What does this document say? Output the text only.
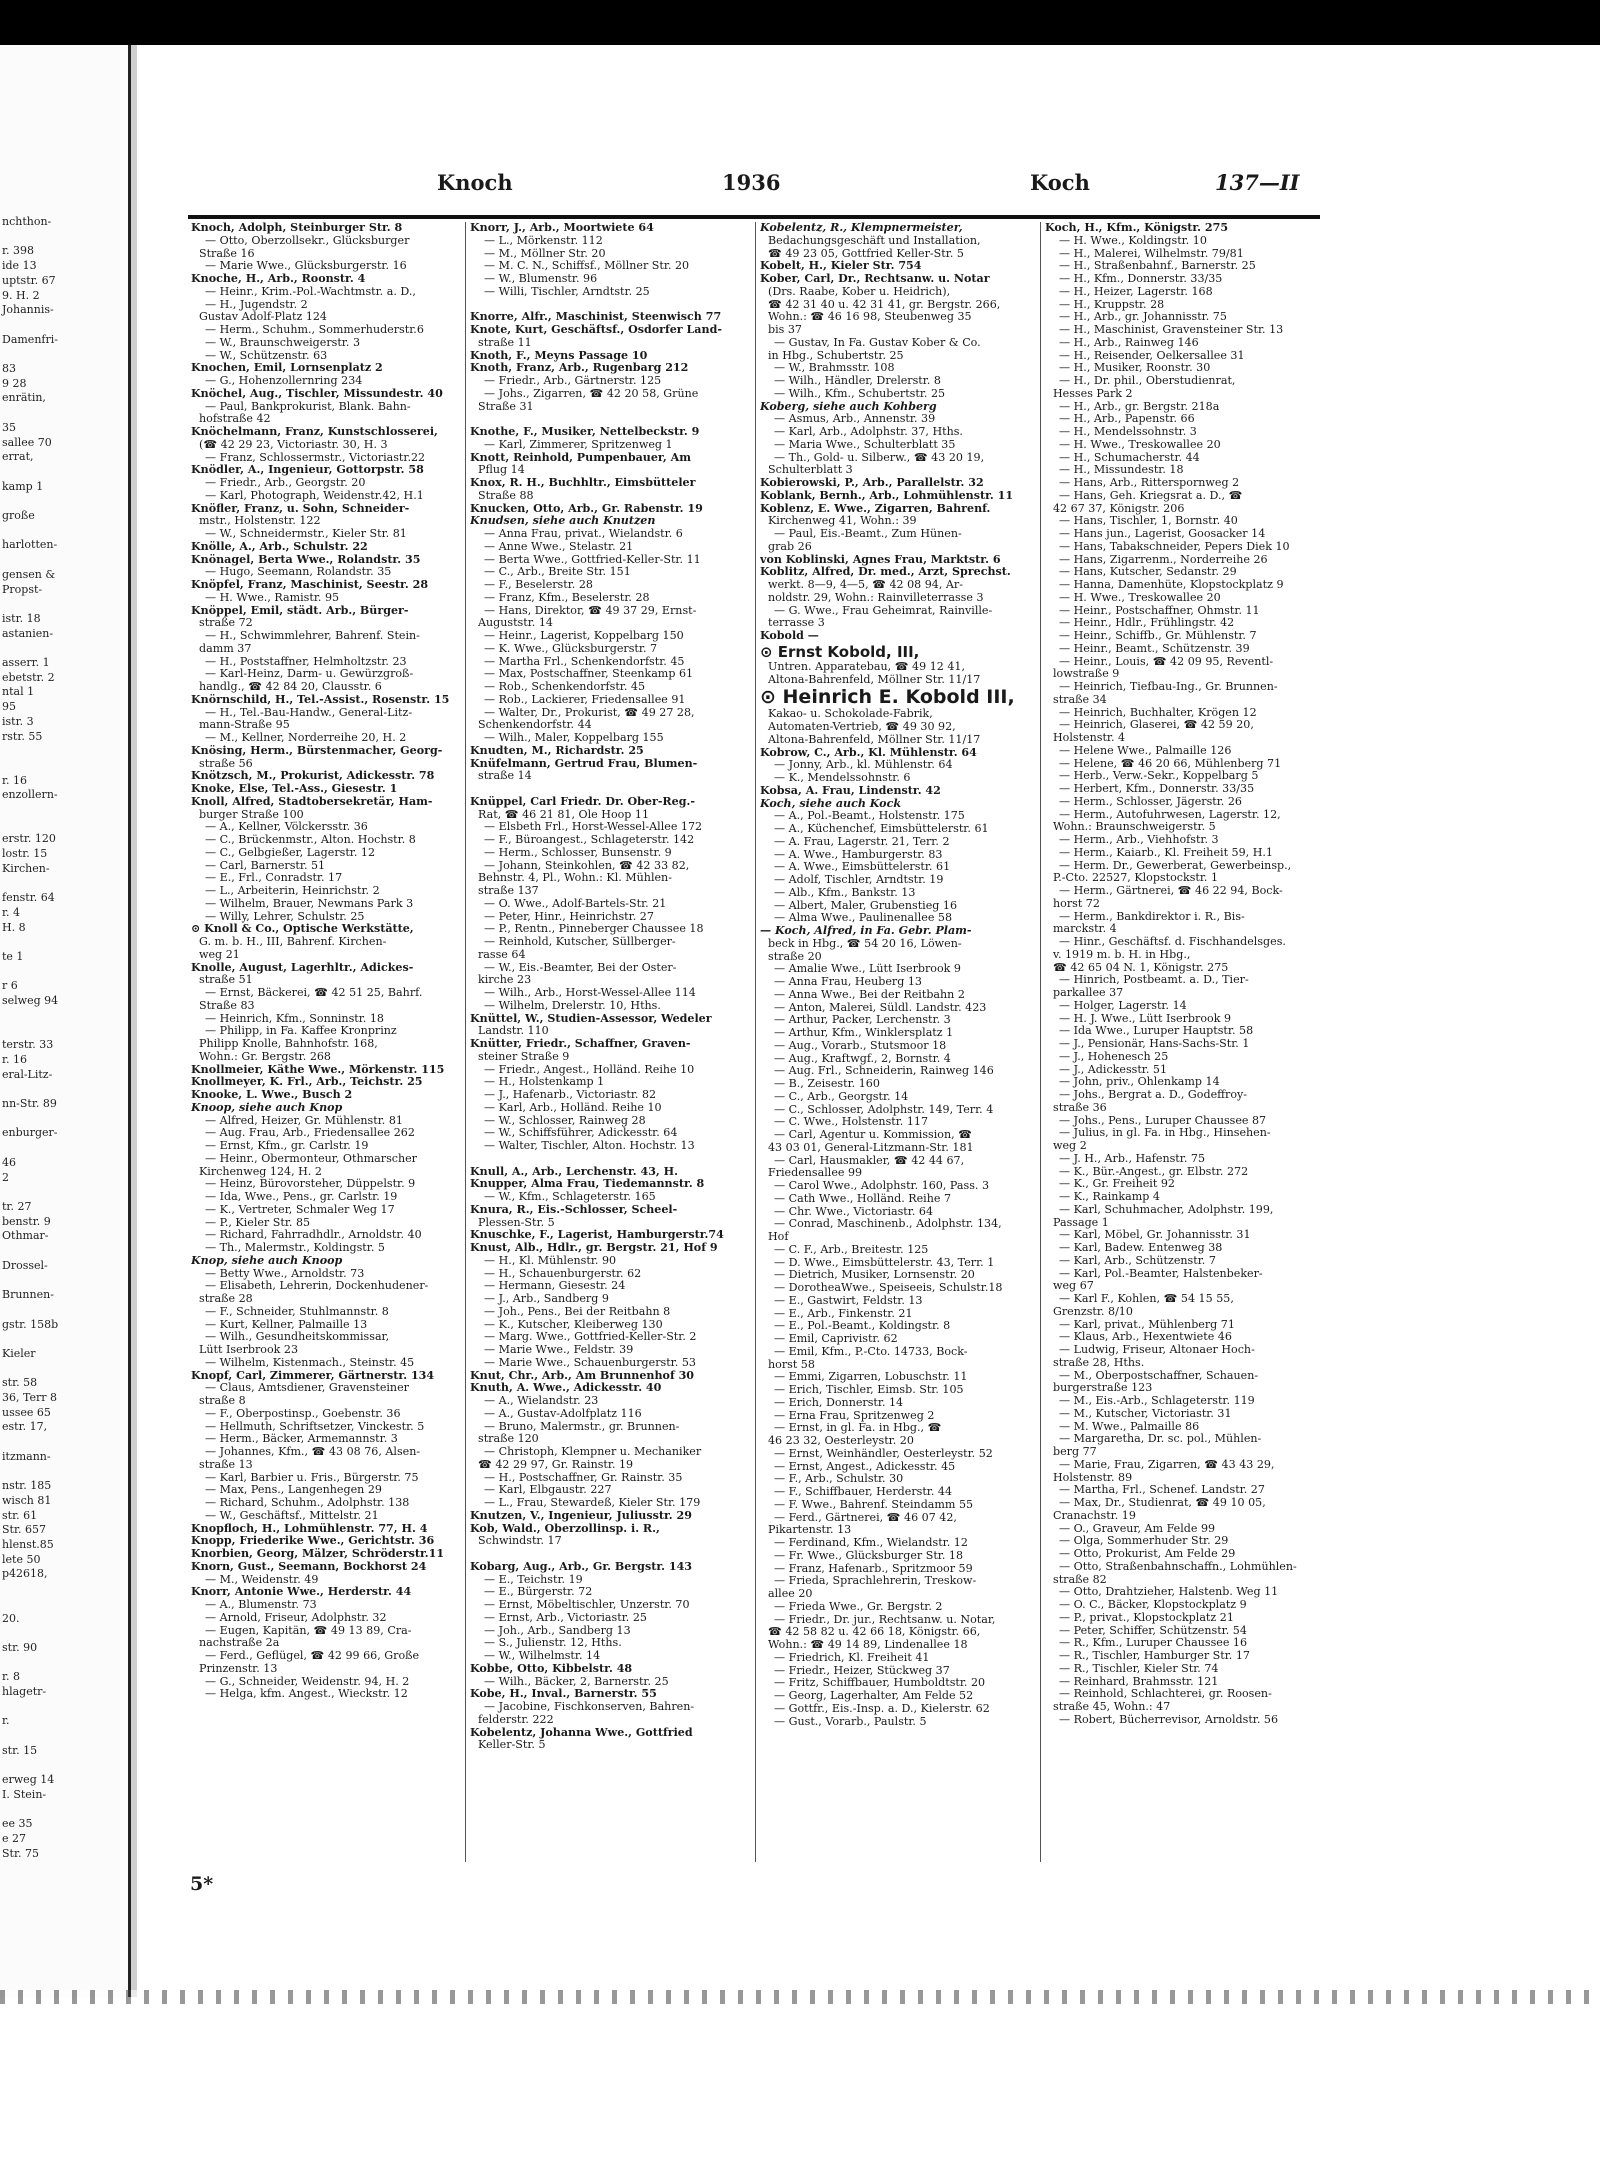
nchthon-
r. 398
ide 13
uptstr. 67
9. H. 2
Johannis-
Damenfri-
83
9 28
enrätin,
35
sallee 70
errat,
kamp 1
großе
harlotten-
gensen &
Propst-
istr. 18
astanien-
asserr. 1
ebetstr. 2
ntal 1
95
istr. 3
rstr. 55
r. 16
enzollern-
erstr. 120
lostr. 15
Kirchen-
fenstr. 64
r. 4
H. 8
te 1
r 6
selweg 94
terstr. 33
r. 16
eral-Litz-
nn-Str. 89
enburger-
46
2
tr. 27
benstr. 9
Othmar-
Drossel-
Brunnen-
gstr. 158b
Kieler
str. 58
36, Terr 8
ussee 65
estr. 17,
itzmann-
nstr. 185
wisch 81
str. 61
Str. 657
hlenst.85
lete 50
p42618,
20.
str. 90
r. 8
hlagetr-
r.
str. 15
erweg 14
I. Stein-
ee 35
e 27
Str. 75
Knoch	1936	Koch	137—II
Knoch, Adolph, Steinburger Str. 8
— Otto, Oberzollsekr., Glücksburger
Straße 16
— Marie Wwe., Glücksburgerstr. 16
Knoche, H., Arb., Roonstr. 4
— Heinr., Krim.-Pol.-Wachtmstr. a. D.,
— H., Jugendstr. 2
Gustav Adolf-Platz 124
— Herm., Schuhm., Sommerhuderstr.6
— W., Braunschweigerstr. 3
— W., Schützenstr. 63
Knochen, Emil, Lornsenplatz 2
— G., Hohenzollernring 234
Knöchel, Aug., Tischler, Missundestr. 40
— Paul, Bankprokurist, Blank. Bahn-
hofstraße 42
Knöchelmann, Franz, Kunstschlosserei,
(☎ 42 29 23, Victoriastr. 30, H. 3
— Franz, Schlossermstr., Victoriastr.22
Knödler, A., Ingenieur, Gottorpstr. 58
— Friedr., Arb., Georgstr. 20
— Karl, Photograph, Weidenstr.42, H.1
Knöfler, Franz, u. Sohn, Schneider-
mstr., Holstenstr. 122
— W., Schneidermstr., Kieler Str. 81
Knölle, A., Arb., Schulstr. 22
Knönagel, Berta Wwe., Rolandstr. 35
— Hugo, Seemann, Rolandstr. 35
Knöpfel, Franz, Maschinist, Seestr. 28
— H. Wwe., Ramistr. 95
Knöppel, Emil, städt. Arb., Bürger-
straße 72
— H., Schwimmlehrer, Bahrenf. Stein-
damm 37
— H., Poststaffner, Helmholtzstr. 23
— Karl-Heinz, Darm- u. Gewürzgroß-
handlg., ☎ 42 84 20, Clausstr. 6
Knörnschild, H., Tel.-Assist., Rosenstr. 15
— H., Tel.-Bau-Handw., General-Litz-
mann-Straße 95
— M., Kellner, Norderreihe 20, H. 2
Knösing, Herm., Bürstenmacher, Georg-
straße 56
Knötzsch, M., Prokurist, Adickesstr. 78
Knoke, Else, Tel.-Ass., Giesestr. 1
Knoll, Alfred, Stadtobersekretär, Ham-
burger Straße 100
— A., Kellner, Völckersstr. 36
— C., Brückenmstr., Alton. Hochstr. 8
— C., Gelbgießer, Lagerstr. 12
— Carl, Barnerstr. 51
— E., Frl., Conradstr. 17
— L., Arbeiterin, Heinrichstr. 2
— Wilhelm, Brauer, Newmans Park 3
— Willy, Lehrer, Schulstr. 25
⊙ Knoll & Co., Optische Werkstätte,
G. m. b. H., III, Bahrenf. Kirchen-
weg 21
Knolle, August, Lagerhltr., Adickes-
straße 51
— Ernst, Bäckerei, ☎ 42 51 25, Bahrf.
Straße 83
— Heinrich, Kfm., Sonninstr. 18
— Philipp, in Fa. Kaffee Kronprinz
Philipp Knolle, Bahnhofstr. 168,
Wohn.: Gr. Bergstr. 268
Knollmeier, Käthe Wwe., Mörkenstr. 115
Knollmeyer, K. Frl., Arb., Teichstr. 25
Knooke, L. Wwe., Busch 2
Knoop, siehe auch Knop
— Alfred, Heizer, Gr. Mühlenstr. 81
— Aug. Frau, Arb., Friedensallee 262
— Ernst, Kfm., gr. Carlstr. 19
— Heinr., Obermonteur, Othmarscher
Kirchenweg 124, H. 2
— Heinz, Bürovorsteher, Düppelstr. 9
— Ida, Wwe., Pens., gr. Carlstr. 19
— K., Vertreter, Schmaler Weg 17
— P., Kieler Str. 85
— Richard, Fahrradhdlr., Arnoldstr. 40
— Th., Malermstr., Koldingstr. 5
Knop, siehe auch Knoop
— Betty Wwe., Arnoldstr. 73
— Elisabeth, Lehrerin, Dockenhudener-
straße 28
— F., Schneider, Stuhlmannstr. 8
— Kurt, Kellner, Palmaille 13
— Wilh., Gesundheitskommissar,
Lütt Iserbrook 23
— Wilhelm, Kistenmach., Steinstr. 45
Knopf, Carl, Zimmerer, Gärtnerstr. 134
— Claus, Amtsdiener, Gravensteiner
straße 8
— F., Oberpostinsp., Goebenstr. 36
— Hellmuth, Schriftsetzer, Vinckestr. 5
— Herm., Bäcker, Armemannstr. 3
— Johannes, Kfm., ☎ 43 08 76, Alsen-
straße 13
— Karl, Barbier u. Fris., Bürgerstr. 75
— Max, Pens., Langenhegen 29
— Richard, Schuhm., Adolphstr. 138
— W., Geschäftsf., Mittelstr. 21
Knopfloch, H., Lohmühlenstr. 77, H. 4
Knopp, Friederike Wwe., Gerichtstr. 36
Knorbien, Georg, Mälzer, Schröderstr.11
Knorn, Gust., Seemann, Bockhorst 24
— M., Weidenstr. 49
Knorr, Antonie Wwe., Herderstr. 44
— A., Blumenstr. 73
— Arnold, Friseur, Adolphstr. 32
— Eugen, Kapitän, ☎ 49 13 89, Cra-
nachstraße 2a
— Ferd., Geflügel, ☎ 42 99 66, Große
Prinzenstr. 13
— G., Schneider, Weidenstr. 94, H. 2
— Helga, kfm. Angest., Wieckstr. 12
Knorr, J., Arb., Moortwiete 64
— L., Mörkenstr. 112
— M., Möllner Str. 20
— M. C. N., Schiffsf., Möllner Str. 20
— W., Blumenstr. 96
— Willi, Tischler, Arndtstr. 25

Knorre, Alfr., Maschinist, Steenwisch 77
Knote, Kurt, Geschäftsf., Osdorfer Land-
straße 11
Knoth, F., Meyns Passage 10
Knoth, Franz, Arb., Rugenbarg 212
— Friedr., Arb., Gärtnerstr. 125
— Johs., Zigarren, ☎ 42 20 58, Grüne
Straße 31

Knothe, F., Musiker, Nettelbeckstr. 9
— Karl, Zimmerer, Spritzenweg 1
Knott, Reinhold, Pumpenbauer, Am
Pflug 14
Knox, R. H., Buchhltr., Eimsbütteler
Straße 88
Knucken, Otto, Arb., Gr. Rabenstr. 19
Knudsen, siehe auch Knutzen
— Anna Frau, privat., Wielandstr. 6
— Anne Wwe., Stelastr. 21
— Berta Wwe., Gottfried-Keller-Str. 11
— C., Arb., Breite Str. 151
— F., Beselerstr. 28
— Franz, Kfm., Beselerstr. 28
— Hans, Direktor, ☎ 49 37 29, Ernst-
Auguststr. 14
— Heinr., Lagerist, Koppelbarg 150
— K. Wwe., Glücksburgerstr. 7
— Martha Frl., Schenkendorfstr. 45
— Max, Postschaffner, Steenkamp 61
— Rob., Schenkendorfstr. 45
— Rob., Lackierer, Friedensallee 91
— Walter, Dr., Prokurist, ☎ 49 27 28,
Schenkendorfstr. 44
— Wilh., Maler, Koppelbarg 155
Knudten, M., Richardstr. 25
Knüfelmann, Gertrud Frau, Blumen-
straße 14

Knüppel, Carl Friedr. Dr. Ober-Reg.-
Rat, ☎ 46 21 81, Ole Hoop 11
— Elsbeth Frl., Horst-Wessel-Allee 172
— F., Büroangest., Schlageterstr. 142
— Herm., Schlosser, Bunsenstr. 9
— Johann, Steinkohlen, ☎ 42 33 82,
Behnstr. 4, Pl., Wohn.: Kl. Mühlen-
straße 137
— O. Wwe., Adolf-Bartels-Str. 21
— Peter, Hinr., Heinrichstr. 27
— P., Rentn., Pinneberger Chaussee 18
— Reinhold, Kutscher, Süllberger-
rasse 64
— W., Eis.-Beamter, Bei der Oster-
kirche 23
— Wilh., Arb., Horst-Wessel-Allee 114
— Wilhelm, Drelerstr. 10, Hths.
Knüttel, W., Studien-Assessor, Wedeler
Landstr. 110
Knütter, Friedr., Schaffner, Graven-
steiner Straße 9
— Friedr., Angest., Holländ. Reihe 10
— H., Holstenkamp 1
— J., Hafenarb., Victoriastr. 82
— Karl, Arb., Holländ. Reihe 10
— W., Schlosser, Rainweg 28
— W., Schiffsführer, Adickesstr. 64
— Walter, Tischler, Alton. Hochstr. 13

Knull, A., Arb., Lerchenstr. 43, H.
Knupper, Alma Frau, Tiedemannstr. 8
— W., Kfm., Schlageterstr. 165
Knura, R., Eis.-Schlosser, Scheel-
Plessen-Str. 5
Knuschke, F., Lagerist, Hamburgerstr.74
Knust, Alb., Hdlr., gr. Bergstr. 21, Hof 9
— H., Kl. Mühlenstr. 90
— H., Schauenburgerstr. 62
— Hermann, Giesestr. 24
— J., Arb., Sandberg 9
— Joh., Pens., Bei der Reitbahn 8
— K., Kutscher, Kleiberweg 130
— Marg. Wwe., Gottfried-Keller-Str. 2
— Marie Wwe., Feldstr. 39
— Marie Wwe., Schauenburgerstr. 53
Knut, Chr., Arb., Am Brunnenhof 30
Knuth, A. Wwe., Adickesstr. 40
— A., Wielandstr. 23
— A., Gustav-Adolfplatz 116
— Bruno, Malermstr., gr. Brunnen-
straße 120
— Christoph, Klempner u. Mechaniker
☎ 42 29 97, Gr. Rainstr. 19
— H., Postschaffner, Gr. Rainstr. 35
— Karl, Elbgaustr. 227
— L., Frau, Stewardeß, Kieler Str. 179
Knutzen, V., Ingenieur, Juliusstr. 29
Kob, Wald., Oberzollinsp. i. R.,
Schwindstr. 17

Kobarg, Aug., Arb., Gr. Bergstr. 143
— E., Teichstr. 19
— E., Bürgerstr. 72
— Ernst, Möbeltischler, Unzerstr. 70
— Ernst, Arb., Victoriastr. 25
— Joh., Arb., Sandberg 13
— S., Julienstr. 12, Hths.
— W., Wilhelmstr. 14
Kobbe, Otto, Kibbelstr. 48
— Wilh., Bäcker, 2, Barnerstr. 25
Kobe, H., Inval., Barnerstr. 55
— Jacobine, Fischkonserven, Bahren-
felderstr. 222
Kobelentz, Johanna Wwe., Gottfried
Keller-Str. 5
Kobelentz, R., Klempnermeister,
Bedachungsgeschäft und Installation,
☎ 49 23 05, Gottfried Keller-Str. 5
Kobelt, H., Kieler Str. 754
Kober, Carl, Dr., Rechtsanw. u. Notar
(Drs. Raabe, Kober u. Heidrich),
☎ 42 31 40 u. 42 31 41, gr. Bergstr. 266,
Wohn.: ☎ 46 16 98, Steubenweg 35
bis 37
— Gustav, In Fa. Gustav Kober & Co.
in Hbg., Schubertstr. 25
— W., Brahmsstr. 108
— Wilh., Händler, Drelerstr. 8
— Wilh., Kfm., Schubertstr. 25
Koberg, siehe auch Kohberg
— Asmus, Arb., Annenstr. 39
— Karl, Arb., Adolphstr. 37, Hths.
— Maria Wwe., Schulterblatt 35
— Th., Gold- u. Silberw., ☎ 43 20 19,
Schulterblatt 3
Kobierowski, P., Arb., Parallelstr. 32
Koblank, Bernh., Arb., Lohmühlenstr. 11
Koblenz, E. Wwe., Zigarren, Bahrenf.
Kirchenweg 41, Wohn.: 39
— Paul, Eis.-Beamt., Zum Hünen-
grab 26
von Koblinski, Agnes Frau, Marktstr. 6
Koblitz, Alfred, Dr. med., Arzt, Sprechst.
werkt. 8—9, 4—5, ☎ 42 08 94, Ar-
noldstr. 29, Wohn.: Rainvilleterrasse 3
— G. Wwe., Frau Geheimrat, Rainville-
terrasse 3
Kobold —
⊙ Ernst Kobold, III,
Untren. Apparatebau, ☎ 49 12 41,
Altona-Bahrenfeld, Möllner Str. 11/17
⊙ Heinrich E. Kobold III,
Kakao- u. Schokolade-Fabrik,
Automaten-Vertrieb, ☎ 49 30 92,
Altona-Bahrenfeld, Möllner Str. 11/17
Kobrow, C., Arb., Kl. Mühlenstr. 64
— Jonny, Arb., kl. Mühlenstr. 64
— K., Mendelssohnstr. 6
Kobsa, A. Frau, Lindenstr. 42
Koch, siehe auch Kock
— A., Pol.-Beamt., Holstenstr. 175
— A., Küchenchef, Eimsbüttelerstr. 61
— A. Frau, Lagerstr. 21, Terr. 2
— A. Wwe., Hamburgerstr. 83
— A. Wwe., Eimsbüttelerstr. 61
— Adolf, Tischler, Arndtstr. 19
— Alb., Kfm., Bankstr. 13
— Albert, Maler, Grubenstieg 16
— Alma Wwe., Paulinenallee 58
— Koch, Alfred, in Fa. Gebr. Plam-
beck in Hbg., ☎ 54 20 16, Löwen-
straße 20
— Amalie Wwe., Lütt Iserbrook 9
— Anna Frau, Heuberg 13
— Anna Wwe., Bei der Reitbahn 2
— Anton, Malerei, Süldl. Landstr. 423
— Arthur, Packer, Lerchenstr. 3
— Arthur, Kfm., Winklersplatz 1
— Aug., Vorarb., Stutsmoor 18
— Aug., Kraftwgf., 2, Bornstr. 4
— Aug. Frl., Schneiderin, Rainweg 146
— B., Zeisestr. 160
— C., Arb., Georgstr. 14
— C., Schlosser, Adolphstr. 149, Terr. 4
— C. Wwe., Holstenstr. 117
— Carl, Agentur u. Kommission, ☎
43 03 01, General-Litzmann-Str. 181
— Carl, Hausmakler, ☎ 42 44 67,
Friedensallee 99
— Carol Wwe., Adolphstr. 160, Pass. 3
— Cath Wwe., Holländ. Reihe 7
— Chr. Wwe., Victoriastr. 64
— Conrad, Maschinenb., Adolphstr. 134,
Hof
— C. F., Arb., Breitestr. 125
— D. Wwe., Eimsbüttelerstr. 43, Terr. 1
— Dietrich, Musiker, Lornsenstr. 20
— DorotheaWwe., Speiseeis, Schulstr.18
— E., Gastwirt, Feldstr. 13
— E., Arb., Finkenstr. 21
— E., Pol.-Beamt., Koldingstr. 8
— Emil, Caprivistr. 62
— Emil, Kfm., P.-Cto. 14733, Bock-
horst 58
— Emmi, Zigarren, Lobuschstr. 11
— Erich, Tischler, Eimsb. Str. 105
— Erich, Donnerstr. 14
— Erna Frau, Spritzenweg 2
— Ernst, in gl. Fa. in Hbg., ☎
46 23 32, Oesterleystr. 20
— Ernst, Weinhändler, Oesterleystr. 52
— Ernst, Angest., Adickesstr. 45
— F., Arb., Schulstr. 30
— F., Schiffbauer, Herderstr. 44
— F. Wwe., Bahrenf. Steindamm 55
— Ferd., Gärtnerei, ☎ 46 07 42,
Pikartenstr. 13
— Ferdinand, Kfm., Wielandstr. 12
— Fr. Wwe., Glücksburger Str. 18
— Franz, Hafenarb., Spritzmoor 59
— Frieda, Sprachlehrerin, Treskow-
allee 20
— Frieda Wwe., Gr. Bergstr. 2
— Friedr., Dr. jur., Rechtsanw. u. Notar,
☎ 42 58 82 u. 42 66 18, Königstr. 66,
Wohn.: ☎ 49 14 89, Lindenallee 18
— Friedrich, Kl. Freiheit 41
— Friedr., Heizer, Stückweg 37
— Fritz, Schiffbauer, Humboldtstr. 20
— Georg, Lagerhalter, Am Felde 52
— Gottfr., Eis.-Insp. a. D., Kielerstr. 62
— Gust., Vorarb., Paulstr. 5
Koch, H., Kfm., Königstr. 275
— H. Wwe., Koldingstr. 10
— H., Malerei, Wilhelmstr. 79/81
— H., Straßenbahnf., Barnerstr. 25
— H., Kfm., Donnerstr. 33/35
— H., Heizer, Lagerstr. 168
— H., Kruppstr. 28
— H., Arb., gr. Johannisstr. 75
— H., Maschinist, Gravensteiner Str. 13
— H., Arb., Rainweg 146
— H., Reisender, Oelkersallee 31
— H., Musiker, Roonstr. 30
— H., Dr. phil., Oberstudienrat,
Hesses Park 2
— H., Arb., gr. Bergstr. 218a
— H., Arb., Papenstr. 66
— H., Mendelssohnstr. 3
— H. Wwe., Treskowallee 20
— H., Schumacherstr. 44
— H., Missundestr. 18
— Hans, Arb., Ritterspornweg 2
— Hans, Geh. Kriegsrat a. D., ☎
42 67 37, Königstr. 206
— Hans, Tischler, 1, Bornstr. 40
— Hans jun., Lagerist, Goosacker 14
— Hans, Tabakschneider, Pepers Diek 10
— Hans, Zigarrenm., Norderreihe 26
— Hans, Kutscher, Sedanstr. 29
— Hanna, Damenhüte, Klopstockplatz 9
— H. Wwe., Treskowallee 20
— Heinr., Postschaffner, Ohmstr. 11
— Heinr., Hdlr., Frühlingstr. 42
— Heinr., Schiffb., Gr. Mühlenstr. 7
— Heinr., Beamt., Schützenstr. 39
— Heinr., Louis, ☎ 42 09 95, Reventl-
lowstraße 9
— Heinrich, Tiefbau-Ing., Gr. Brunnen-
straße 34
— Heinrich, Buchhalter, Krögen 12
— Heinrich, Glaserei, ☎ 42 59 20,
Holstenstr. 4
— Helene Wwe., Palmaille 126
— Helene, ☎ 46 20 66, Mühlenberg 71
— Herb., Verw.-Sekr., Koppelbarg 5
— Herbert, Kfm., Donnerstr. 33/35
— Herm., Schlosser, Jägerstr. 26
— Herm., Autofuhrwesen, Lagerstr. 12,
Wohn.: Braunschweigerstr. 5
— Herm., Arb., Viehhofstr. 3
— Herm., Kaiarb., Kl. Freiheit 59, H.1
— Herm. Dr., Gewerberat, Gewerbeinsp.,
P.-Cto. 22527, Klopstockstr. 1
— Herm., Gärtnerei, ☎ 46 22 94, Bock-
horst 72
— Herm., Bankdirektor i. R., Bis-
marckstr. 4
— Hinr., Geschäftsf. d. Fischhandelsges.
v. 1919 m. b. H. in Hbg.,
☎ 42 65 04 N. 1, Königstr. 275
— Hinrich, Postbeamt. a. D., Tier-
parkallee 37
— Holger, Lagerstr. 14
— H. J. Wwe., Lütt Iserbrook 9
— Ida Wwe., Luruper Hauptstr. 58
— J., Pensionär, Hans-Sachs-Str. 1
— J., Hohenesch 25
— J., Adickesstr. 51
— John, priv., Ohlenkamp 14
— Johs., Bergrat a. D., Godeffroy-
straße 36
— Johs., Pens., Luruper Chaussee 87
— Julius, in gl. Fa. in Hbg., Hinsehen-
weg 2
— J. H., Arb., Hafenstr. 75
— K., Bür.-Angest., gr. Elbstr. 272
— K., Gr. Freiheit 92
— K., Rainkamp 4
— Karl, Schuhmacher, Adolphstr. 199,
Passage 1
— Karl, Möbel, Gr. Johannisstr. 31
— Karl, Badew. Entenweg 38
— Karl, Arb., Schützenstr. 7
— Karl, Pol.-Beamter, Halstenbeker-
weg 67
— Karl F., Kohlen, ☎ 54 15 55,
Grenzstr. 8/10
— Karl, privat., Mühlenberg 71
— Klaus, Arb., Hexentwiete 46
— Ludwig, Friseur, Altonaer Hoch-
straße 28, Hths.
— M., Oberpostschaffner, Schauen-
burgerstraße 123
— M., Eis.-Arb., Schlageterstr. 119
— M., Kutscher, Victoriastr. 31
— M. Wwe., Palmaille 86
— Margaretha, Dr. sc. pol., Mühlen-
berg 77
— Marie, Frau, Zigarren, ☎ 43 43 29,
Holstenstr. 89
— Martha, Frl., Schenef. Landstr. 27
— Max, Dr., Studienrat, ☎ 49 10 05,
Cranachstr. 19
— O., Graveur, Am Felde 99
— Olga, Sommerhuder Str. 29
— Otto, Prokurist, Am Felde 29
— Otto, Straßenbahnschaffn., Lohmühlen-
straße 82
— Otto, Drahtzieher, Halstenb. Weg 11
— O. C., Bäcker, Klopstockplatz 9
— P., privat., Klopstockplatz 21
— Peter, Schiffer, Schützenstr. 54
— R., Kfm., Luruper Chaussee 16
— R., Tischler, Hamburger Str. 17
— R., Tischler, Kieler Str. 74
— Reinhard, Brahmsstr. 121
— Reinhold, Schlachterei, gr. Roosen-
straße 45, Wohn.: 47
— Robert, Bücherrevisor, Arnoldstr. 56
5*
